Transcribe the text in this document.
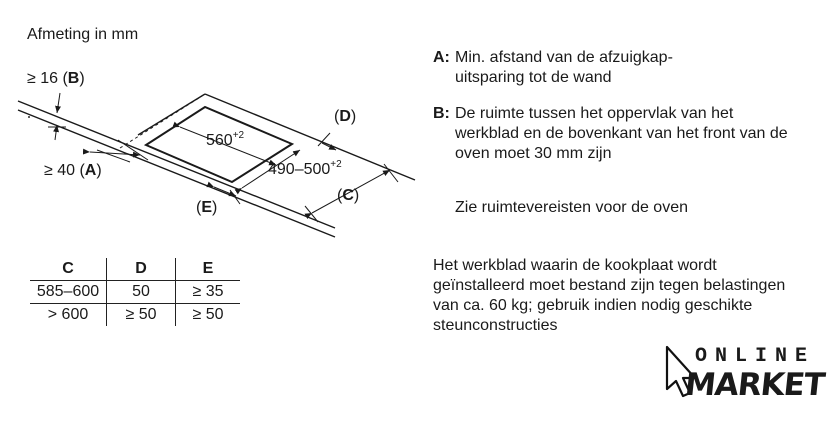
Afmeting in mm
≥ 16 (B)
≥ 40 (A)
(D)
(C)
(E)
$560^{+2}$
$490-500^{+2}$
A: Min. afstand van de afzuigkap-uitsparing tot de wand
B: De ruimte tussen het oppervlak van het werkblad en de bovenkant van het front van de oven moet 30 mm zijn
Zie ruimtevereisten voor de oven
Het werkblad waarin de kookplaat wordt geïnstalleerd moet bestand zijn tegen belastingen van ca. 60 kg; gebruik indien nodig geschikte steunconstructies
C	D	E
585–600	50	≥ 35
> 600	≥ 50	≥ 50
ONLINE
MARKET
